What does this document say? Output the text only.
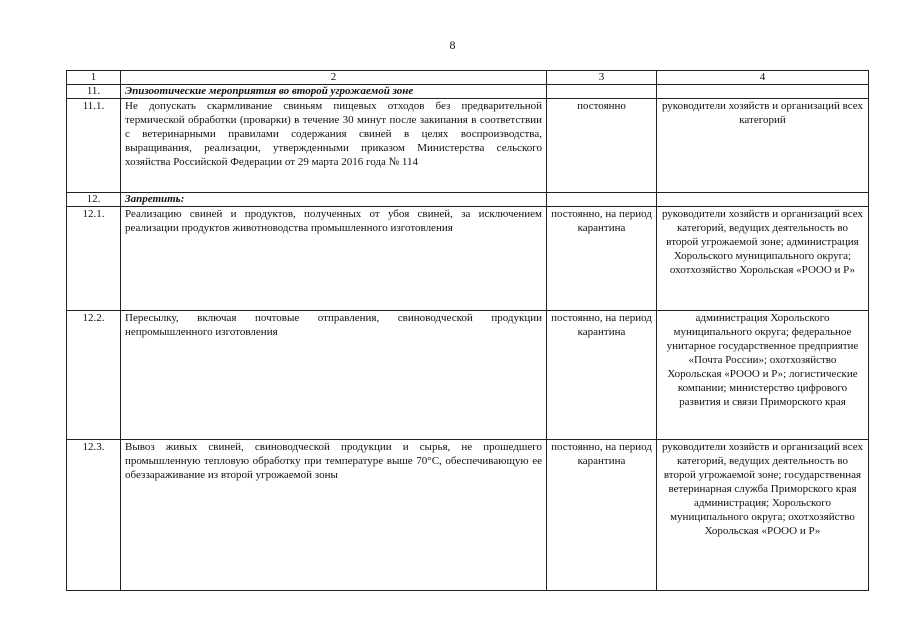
8
1	2	3	4
11.	Эпизоотические мероприятия во второй угрожаемой зоне		
11.1.	Не допускать скармливание свиньям пищевых отходов без предварительной термической обработки (проварки) в течение 30 минут после закипания в соответствии с ветеринарными правилами содержания свиней в целях воспроизводства, выращивания, реализации, утвержденными приказом Министерства сельского хозяйства Российской Федерации от 29 марта 2016 года № 114	постоянно	руководители хозяйств и организаций всех категорий
12.	Запретить:		
12.1.	Реализацию свиней и продуктов, полученных от убоя свиней, за исключением реализации продуктов животноводства промышленного изготовления	постоянно, на период карантина	руководители хозяйств и организаций всех категорий, ведущих деятельность во второй угрожаемой зоне; администрация Хорольского муниципального округа; охотхозяйство Хорольская «РООО и Р»
12.2.	Пересылку, включая почтовые отправления, свиноводческой продукции непромышленного изготовления	постоянно, на период карантина	администрация Хорольского муниципального округа; федеральное унитарное государственное предприятие «Почта России»; охотхозяйство Хорольская «РООО и Р»; логистические компании; министерство цифрового развития и связи Приморского края
12.3.	Вывоз живых свиней, свиноводческой продукции и сырья, не прошедшего промышленную тепловую обработку при температуре выше 70°C, обеспечивающую ее обеззараживание из второй угрожаемой зоны	постоянно, на период карантина	руководители хозяйств и организаций всех категорий, ведущих деятельность во второй угрожаемой зоне; государственная ветеринарная служба Приморского края администрация; Хорольского муниципального округа; охотхозяйство Хорольская «РООО и Р»
